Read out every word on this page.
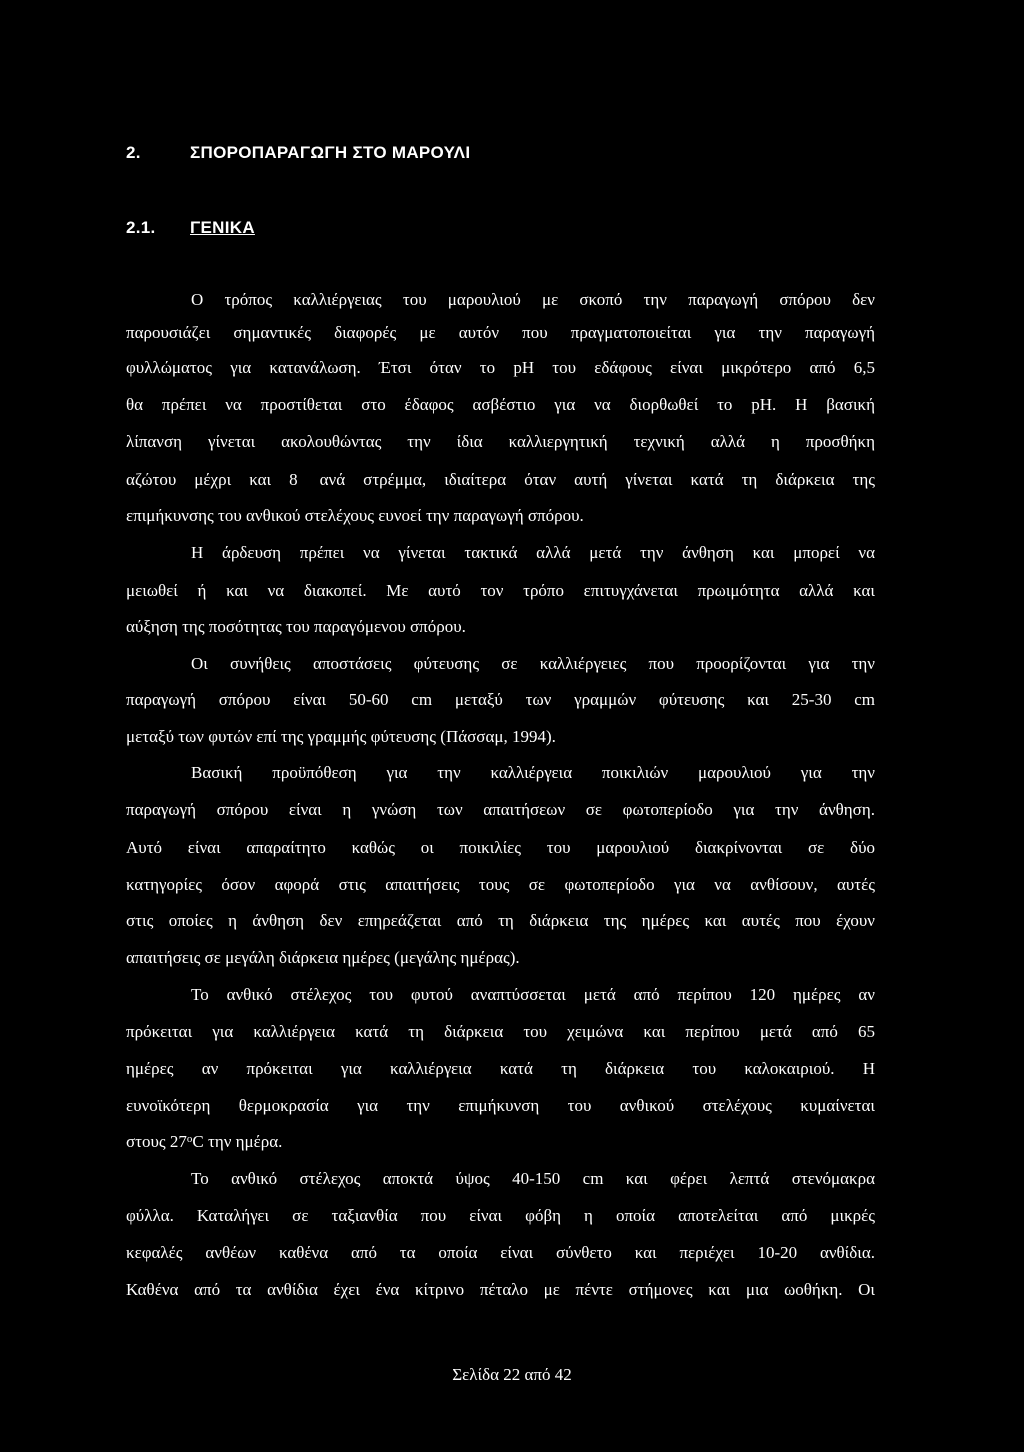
2.	ΣΠΟΡΟΠΑΡΑΓΩΓΗ ΣΤΟ ΜΑΡΟΥΛΙ
2.1. ΓΕΝΙΚΑ
Ο τρόπος καλλιέργειας του μαρουλιού με σκοπό την παραγωγή σπόρου δεν
παρουσιάζει σημαντικές διαφορές με αυτόν που πραγματοποιείται για την παραγωγή
φυλλώματος για κατανάλωση. Έτσι όταν το pH του εδάφους είναι μικρότερο από 6,5
θα πρέπει να προστίθεται στο έδαφος ασβέστιο για να διορθωθεί το pH. Η βασική
λίπανση γίνεται ακολουθώντας την ίδια καλλιεργητική τεχνική αλλά η προσθήκη
αζώτου μέχρι και 8 ανά στρέμμα, ιδιαίτερα όταν αυτή γίνεται κατά τη διάρκεια της
επιμήκυνσης του ανθικού στελέχους ευνοεί την παραγωγή σπόρου.
Η άρδευση πρέπει να γίνεται τακτικά αλλά μετά την άνθηση και μπορεί να
μειωθεί ή και να διακοπεί. Με αυτό τον τρόπο επιτυγχάνεται πρωιμότητα αλλά και
αύξηση της ποσότητας του παραγόμενου σπόρου.
Οι συνήθεις αποστάσεις φύτευσης σε καλλιέργειες που προορίζονται για την
παραγωγή σπόρου είναι 50-60 cm μεταξύ των γραμμών φύτευσης και 25-30 cm
μεταξύ των φυτών επί της γραμμής φύτευσης (Πάσσαμ, 1994).
Βασική προϋπόθεση για την καλλιέργεια ποικιλιών μαρουλιού για την
παραγωγή σπόρου είναι η γνώση των απαιτήσεων σε φωτοπερίοδο για την άνθηση.
Αυτό είναι απαραίτητο καθώς οι ποικιλίες του μαρουλιού διακρίνονται σε δύο
κατηγορίες όσον αφορά στις απαιτήσεις τους σε φωτοπερίοδο για να ανθίσουν, αυτές
στις οποίες η άνθηση δεν επηρεάζεται από τη διάρκεια της ημέρες και αυτές που έχουν
απαιτήσεις σε μεγάλη διάρκεια ημέρες (μεγάλης ημέρας).
Το ανθικό στέλεχος του φυτού αναπτύσσεται μετά από περίπου 120 ημέρες αν
πρόκειται για καλλιέργεια κατά τη διάρκεια του χειμώνα και περίπου μετά από 65
ημέρες αν πρόκειται για καλλιέργεια κατά τη διάρκεια του καλοκαιριού. Η
ευνοϊκότερη θερμοκρασία για την επιμήκυνση του ανθικού στελέχους κυμαίνεται
στους 27$^o$C την ημέρα.
Το ανθικό στέλεχος αποκτά ύψος 40-150 cm και φέρει λεπτά στενόμακρα
φύλλα. Καταλήγει σε ταξιανθία που είναι φόβη η οποία αποτελείται από μικρές
κεφαλές ανθέων καθένα από τα οποία είναι σύνθετο και περιέχει 10-20 ανθίδια.
Καθένα από τα ανθίδια έχει ένα κίτρινο πέταλο με πέντε στήμονες και μια ωοθήκη. Οι
Σελίδα 22 από 42
